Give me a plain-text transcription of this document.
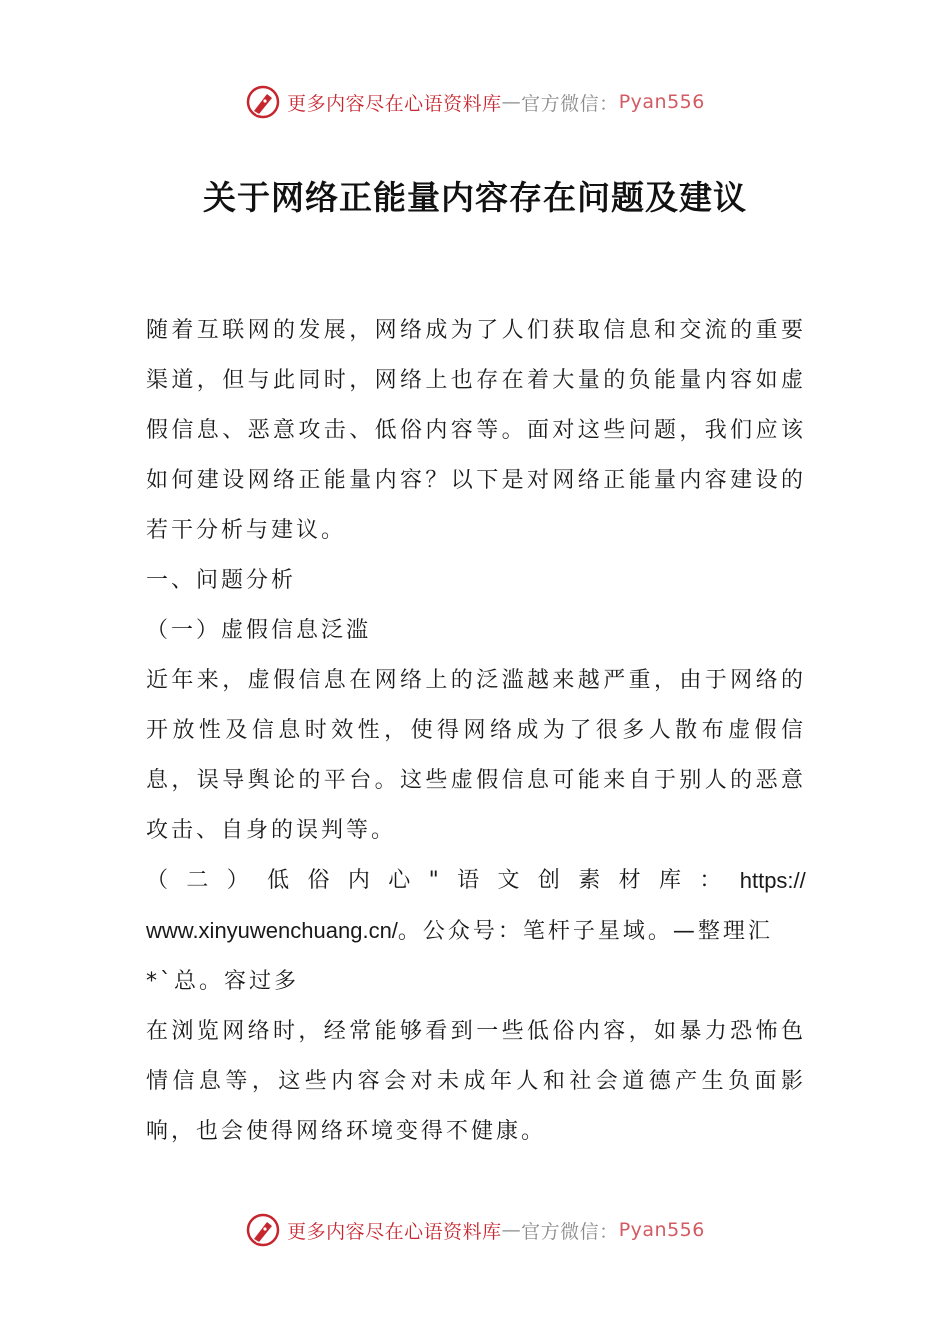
更多内容尽在心语资料库 — 官方微信： Pyan556
关于网络正能量内容存在问题及建议

随着互联网的发展，网络成为了人们获取信息和交流的重要渠道，但与此同时，网络上也存在着大量的负能量内容如虚假信息、恶意攻击、低俗内容等。面对这些问题，我们应该如何建设网络正能量内容？以下是对网络正能量内容建设的若干分析与建议。

一、问题分析

（一）虚假信息泛滥

近年来，虚假信息在网络上的泛滥越来越严重，由于网络的开放性及信息时效性，使得网络成为了很多人散布虚假信息，误导舆论的平台。这些虚假信息可能来自于别人的恶意攻击、自身的误判等。

（ 二 ） 低 俗 内 心 " 语 文 创 素 材 库 ： https://

www.xinyuwenchuang.cn/。公众号：笔杆子星域。—整理汇

*`总。容过多

在浏览网络时，经常能够看到一些低俗内容，如暴力恐怖色情信息等，这些内容会对未成年人和社会道德产生负面影响，也会使得网络环境变得不健康。

更多内容尽在心语资料库 — 官方微信： Pyan556
